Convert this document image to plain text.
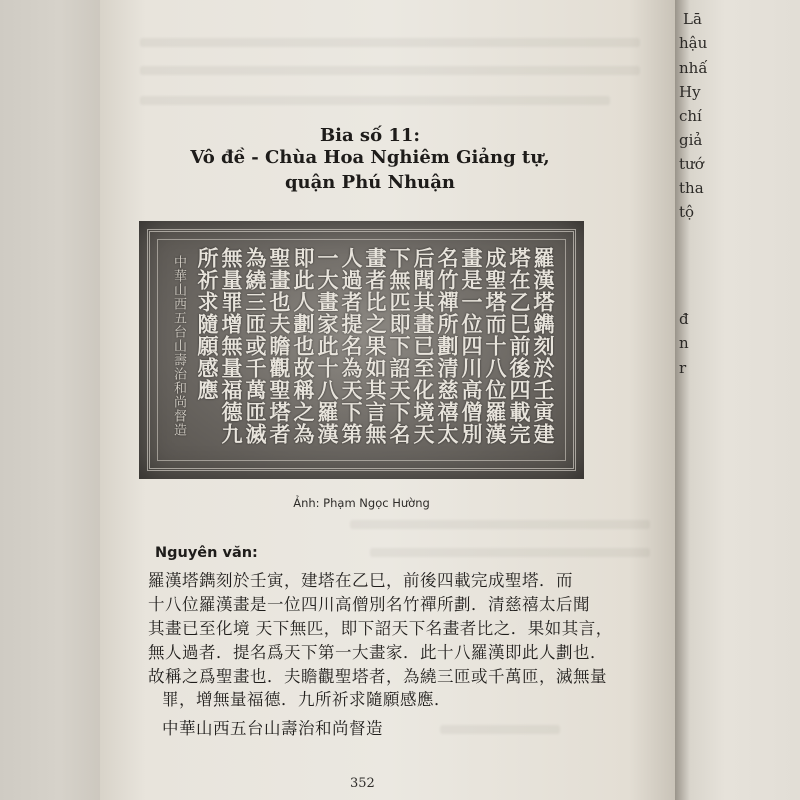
Lā
hậu
nhấ
Hy
chí
giả
tướ
tha
tộ
đ
n
r
Bia số 11:
Vô đề - Chùa Hoa Nghiêm Giảng tự,
quận Phú Nhuận
羅漢塔鐫刻於壬寅建
塔在乙巳前後四載完
成聖塔而十八位羅漢
畫是一位四川高僧別
名竹禪所劃清慈禧太
后聞其畫已至化境天
下無匹即下詔天下名
畫者比之果如其言無
人過者提名為天下第
一大畫家此十八羅漢
即此人劃也故稱之為
聖畫也夫瞻觀聖塔者
為繞三匝或千萬匝滅
無量罪增無量福德九
所祈求隨願感應
中華山西五台山壽治和尚督造
Ảnh: Phạm Ngọc Hường
Nguyên văn:
羅漢塔鐫刻於壬寅，建塔在乙巳，前後四載完成聖塔．而
十八位羅漢畫是一位四川高僧別名竹禪所劃．清慈禧太后聞
其畫已至化境 天下無匹，即下詔天下名畫者比之．果如其言，
無人過者．提名爲天下第一大畫家．此十八羅漢即此人劃也．
故稱之爲聖畫也．夫瞻觀聖塔者，為繞三匝或千萬匝，滅無量
罪，增無量福德．九所祈求隨願感應．
中華山西五台山壽治和尚督造
352
